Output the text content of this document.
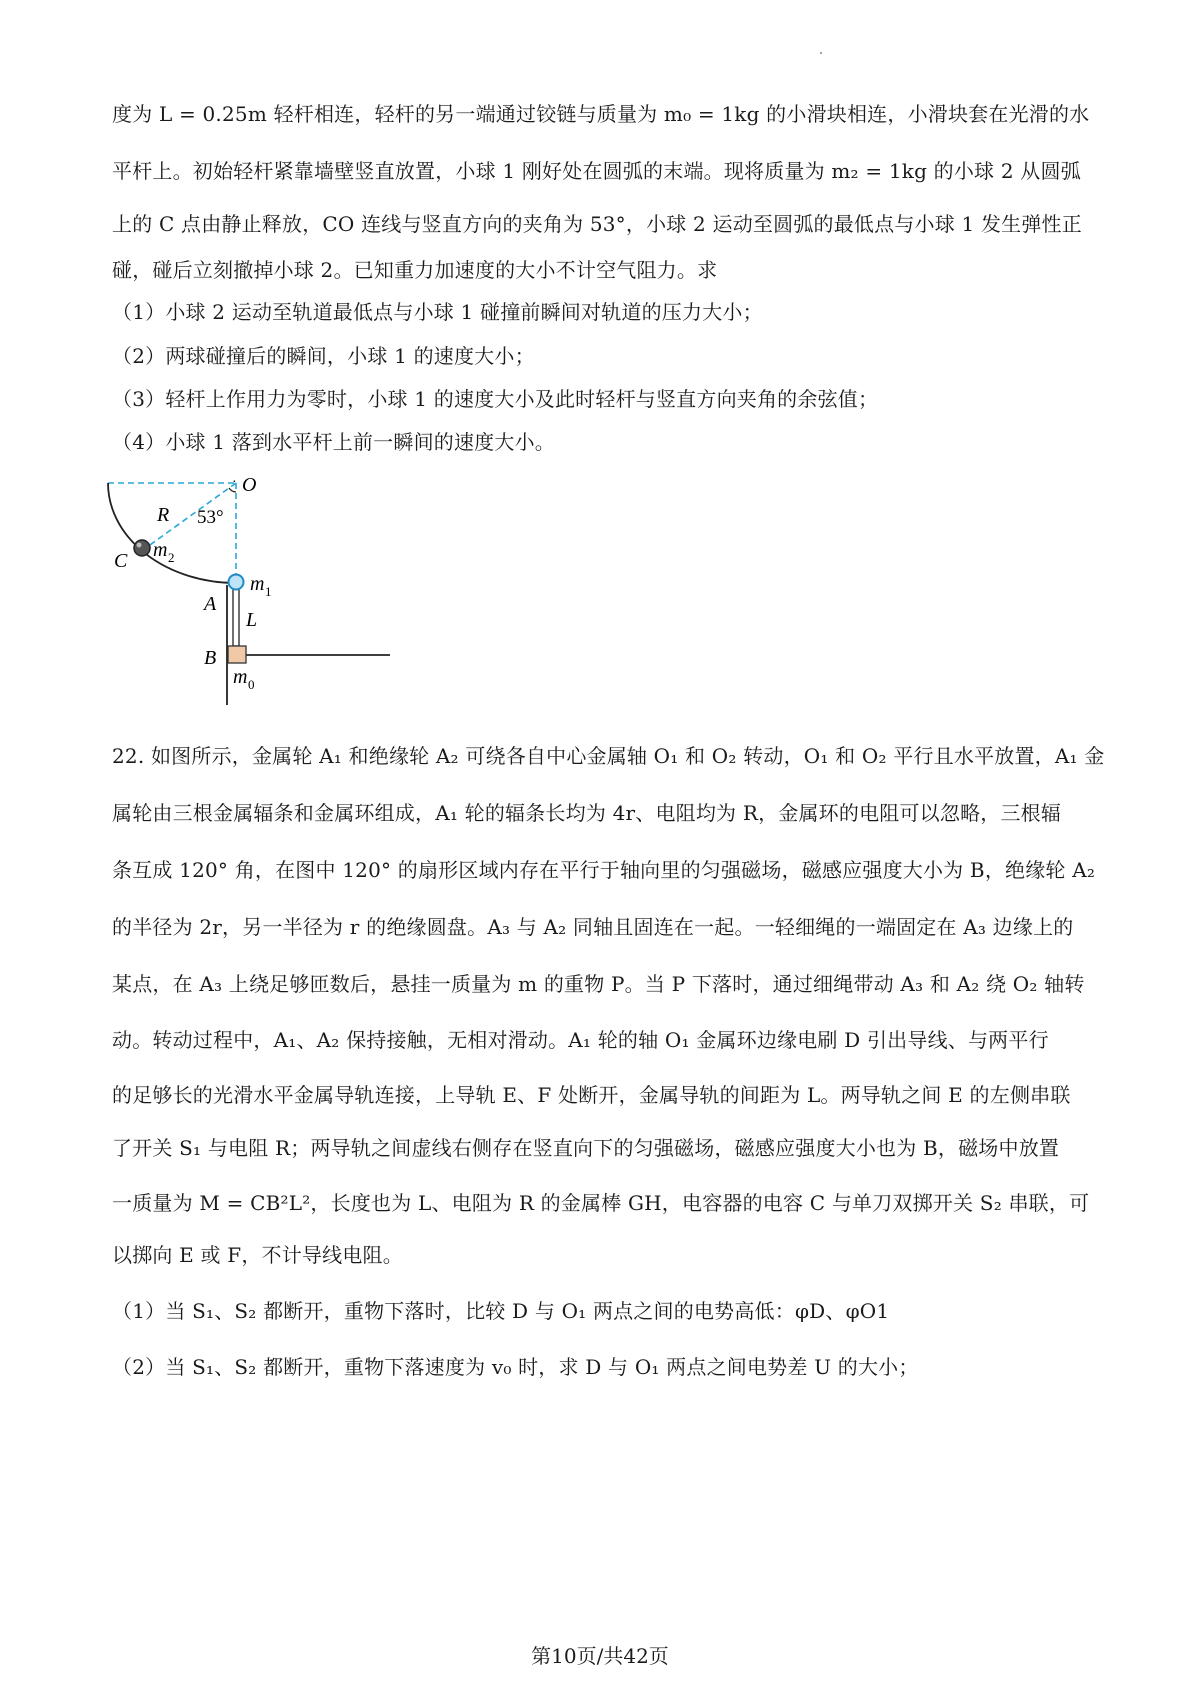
度为 L = 0.25m 轻杆相连，轻杆的另一端通过铰链与质量为 m₀ = 1kg 的小滑块相连，小滑块套在光滑的水
平杆上。初始轻杆紧靠墙壁竖直放置，小球 1 刚好处在圆弧的末端。现将质量为 m₂ = 1kg 的小球 2 从圆弧
上的 C 点由静止释放，CO 连线与竖直方向的夹角为 53°，小球 2 运动至圆弧的最低点与小球 1 发生弹性正
碰，碰后立刻撤掉小球 2。已知重力加速度的大小不计空气阻力。求
（1）小球 2 运动至轨道最低点与小球 1 碰撞前瞬间对轨道的压力大小；
（2）两球碰撞后的瞬间，小球 1 的速度大小；
（3）轻杆上作用力为零时，小球 1 的速度大小及此时轻杆与竖直方向夹角的余弦值；
（4）小球 1 落到水平杆上前一瞬间的速度大小。
· O
R 53°
C m 2
m 1
A
L
B
m 0
22. 如图所示，金属轮 A₁ 和绝缘轮 A₂ 可绕各自中心金属轴 O₁ 和 O₂ 转动，O₁ 和 O₂ 平行且水平放置，A₁ 金
属轮由三根金属辐条和金属环组成，A₁ 轮的辐条长均为 4r、电阻均为 R，金属环的电阻可以忽略，三根辐
条互成 120° 角，在图中 120° 的扇形区域内存在平行于轴向里的匀强磁场，磁感应强度大小为 B，绝缘轮 A₂
的半径为 2r，另一半径为 r 的绝缘圆盘。A₃ 与 A₂ 同轴且固连在一起。一轻细绳的一端固定在 A₃ 边缘上的
某点，在 A₃ 上绕足够匝数后，悬挂一质量为 m 的重物 P。当 P 下落时，通过细绳带动 A₃ 和 A₂ 绕 O₂ 轴转
动。转动过程中，A₁、A₂ 保持接触，无相对滑动。A₁ 轮的轴 O₁ 金属环边缘电刷 D 引出导线、与两平行
的足够长的光滑水平金属导轨连接，上导轨 E、F 处断开，金属导轨的间距为 L。两导轨之间 E 的左侧串联
了开关 S₁ 与电阻 R；两导轨之间虚线右侧存在竖直向下的匀强磁场，磁感应强度大小也为 B，磁场中放置
一质量为 M = CB²L²，长度也为 L、电阻为 R 的金属棒 GH，电容器的电容 C 与单刀双掷开关 S₂ 串联，可
以掷向 E 或 F，不计导线电阻。
（1）当 S₁、S₂ 都断开，重物下落时，比较 D 与 O₁ 两点之间的电势高低：φD、φO1
（2）当 S₁、S₂ 都断开，重物下落速度为 v₀ 时，求 D 与 O₁ 两点之间电势差 U 的大小；
第10页/共42页
